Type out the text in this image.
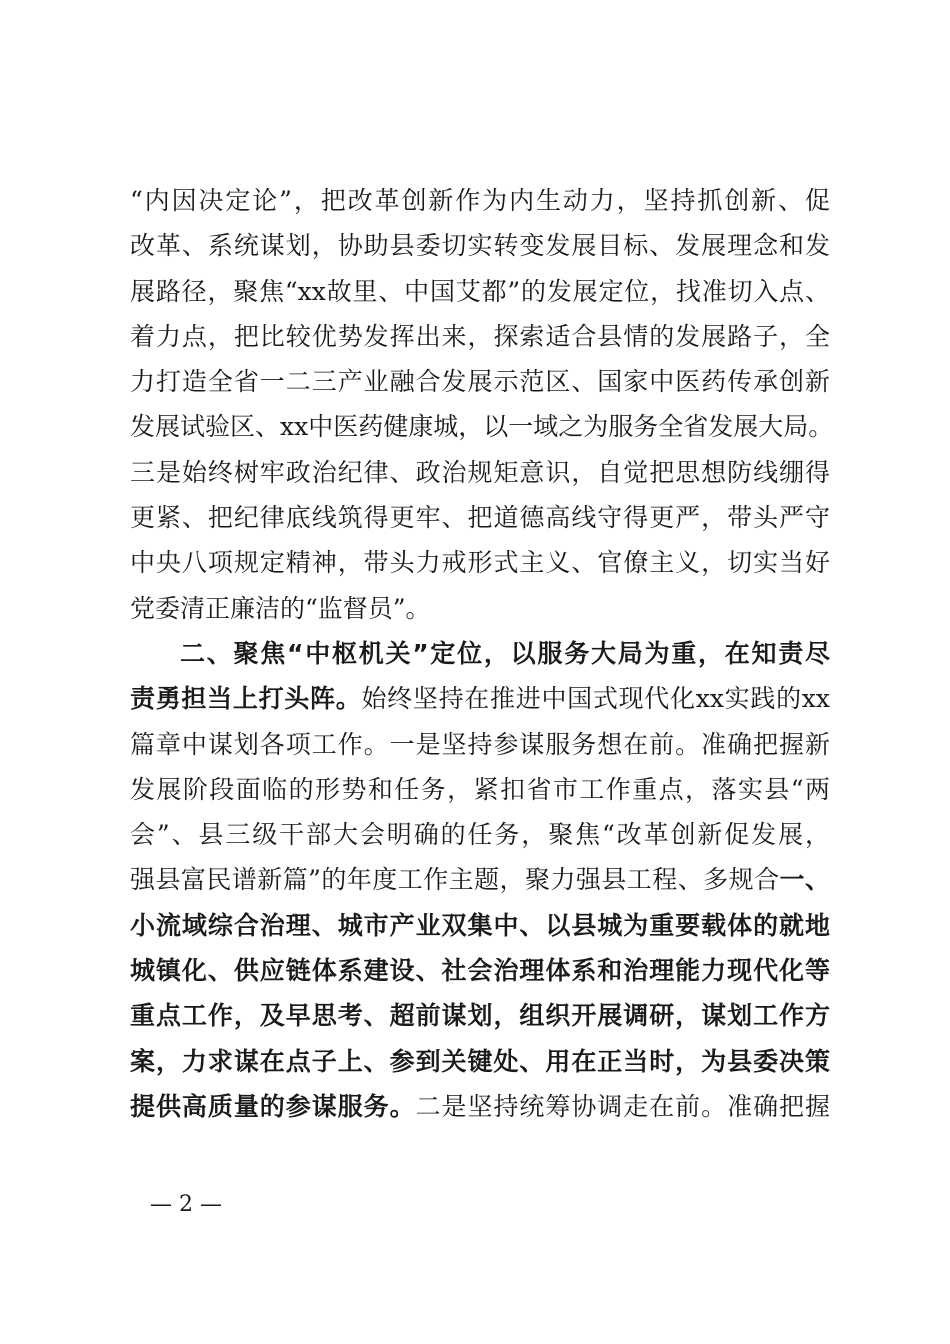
“内因决定论”，把改革创新作为内生动力，坚持抓创新、促
改革、系统谋划，协助县委切实转变发展目标、发展理念和发
展路径，聚焦“xx故里、中国艾都”的发展定位，找准切入点、
着力点，把比较优势发挥出来，探索适合县情的发展路子，全
力打造全省一二三产业融合发展示范区、国家中医药传承创新
发展试验区、xx中医药健康城，以一域之为服务全省发展大局。
三是始终树牢政治纪律、政治规矩意识，自觉把思想防线绷得
更紧、把纪律底线筑得更牢、把道德高线守得更严，带头严守
中央八项规定精神，带头力戒形式主义、官僚主义，切实当好
党委清正廉洁的“监督员”。
二、聚焦“中枢机关”定位，以服务大局为重，在知责尽
责勇担当上打头阵。始终坚持在推进中国式现代化xx实践的xx
篇章中谋划各项工作。一是坚持参谋服务想在前。准确把握新
发展阶段面临的形势和任务，紧扣省市工作重点，落实县“两
会”、县三级干部大会明确的任务，聚焦“改革创新促发展，
强县富民谱新篇”的年度工作主题，聚力强县工程、多规合一、
小流域综合治理、城市产业双集中、以县城为重要载体的就地
城镇化、供应链体系建设、社会治理体系和治理能力现代化等
重点工作，及早思考、超前谋划，组织开展调研，谋划工作方
案，力求谋在点子上、参到关键处、用在正当时，为县委决策
提供高质量的参谋服务。二是坚持统筹协调走在前。准确把握
— 2 —
